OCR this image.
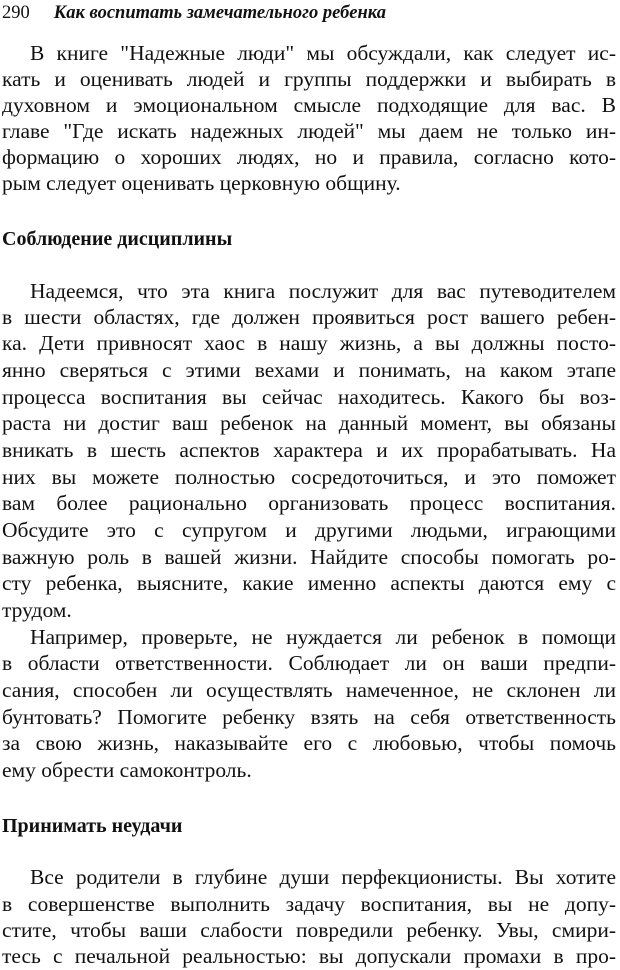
290 Как воспитать замечательного ребенка
В книге "Надежные люди" мы обсуждали, как следует ис-
кать и оценивать людей и группы поддержки и выбирать в
духовном и эмоциональном смысле подходящие для вас. В
главе "Где искать надежных людей" мы даем не только ин-
формацию о хороших людях, но и правила, согласно кото-
рым следует оценивать церковную общину.
Соблюдение дисциплины
Надеемся, что эта книга послужит для вас путеводителем
в шести областях, где должен проявиться рост вашего ребен-
ка. Дети привносят хаос в нашу жизнь, а вы должны посто-
янно сверяться с этими вехами и понимать, на каком этапе
процесса воспитания вы сейчас находитесь. Какого бы воз-
раста ни достиг ваш ребенок на данный момент, вы обязаны
вникать в шесть аспектов характера и их прорабатывать. На
них вы можете полностью сосредоточиться, и это поможет
вам более рационально организовать процесс воспитания.
Обсудите это с супругом и другими людьми, играющими
важную роль в вашей жизни. Найдите способы помогать ро-
сту ребенка, выясните, какие именно аспекты даются ему с
трудом.
Например, проверьте, не нуждается ли ребенок в помощи
в области ответственности. Соблюдает ли он ваши предпи-
сания, способен ли осуществлять намеченное, не склонен ли
бунтовать? Помогите ребенку взять на себя ответственность
за свою жизнь, наказывайте его с любовью, чтобы помочь
ему обрести самоконтроль.
Принимать неудачи
Все родители в глубине души перфекционисты. Вы хотите
в совершенстве выполнить задачу воспитания, вы не допу-
стите, чтобы ваши слабости повредили ребенку. Увы, смири-
тесь с печальной реальностью: вы допускали промахи в про-
